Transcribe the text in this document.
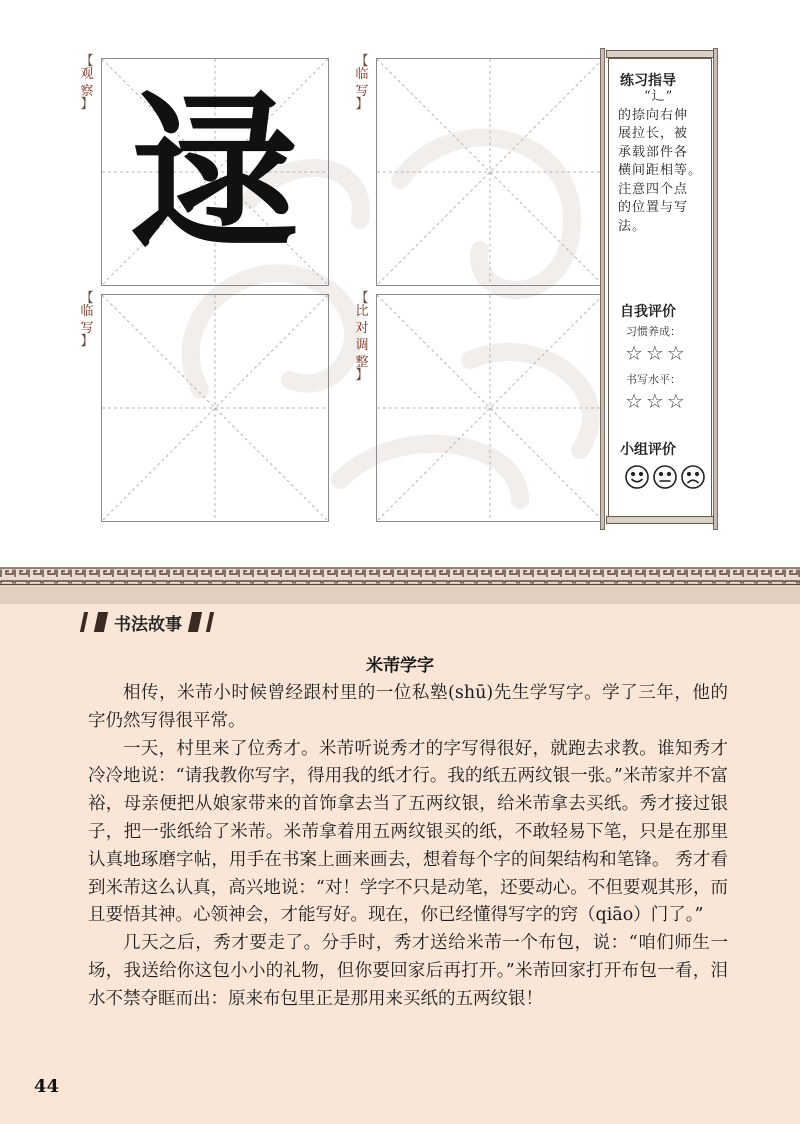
【
观
察
】 逯
【
临
写
】
【
临
写
】
【
比
对
调
整
】
练习指导
“辶”
的捺向右伸
展拉长，被
承载部件各
横间距相等。
注意四个点
的位置与写
法。
自我评价
习惯养成：
☆☆☆
书写水平：
☆☆☆
小组评价
书法故事
米芾学字

相传，米芾小时候曾经跟村里的一位私塾(shū)先生学写字。学了三年，他的字仍然写得很平常。

一天，村里来了位秀才。米芾听说秀才的字写得很好，就跑去求教。谁知秀才冷冷地说：“请我教你写字，得用我的纸才行。我的纸五两纹银一张。”米芾家并不富裕，母亲便把从娘家带来的首饰拿去当了五两纹银，给米芾拿去买纸。秀才接过银子，把一张纸给了米芾。米芾拿着用五两纹银买的纸，不敢轻易下笔，只是在那里认真地琢磨字帖，用手在书案上画来画去，想着每个字的间架结构和笔锋。 秀才看到米芾这么认真，高兴地说：“对！学字不只是动笔，还要动心。不但要观其形，而且要悟其神。心领神会，才能写好。现在，你已经懂得写字的窍（qiāo）门了。”

几天之后，秀才要走了。分手时，秀才送给米芾一个布包，说：“咱们师生一场，我送给你这包小小的礼物，但你要回家后再打开。”米芾回家打开布包一看，泪水不禁夺眶而出：原来布包里正是那用来买纸的五两纹银！

44
